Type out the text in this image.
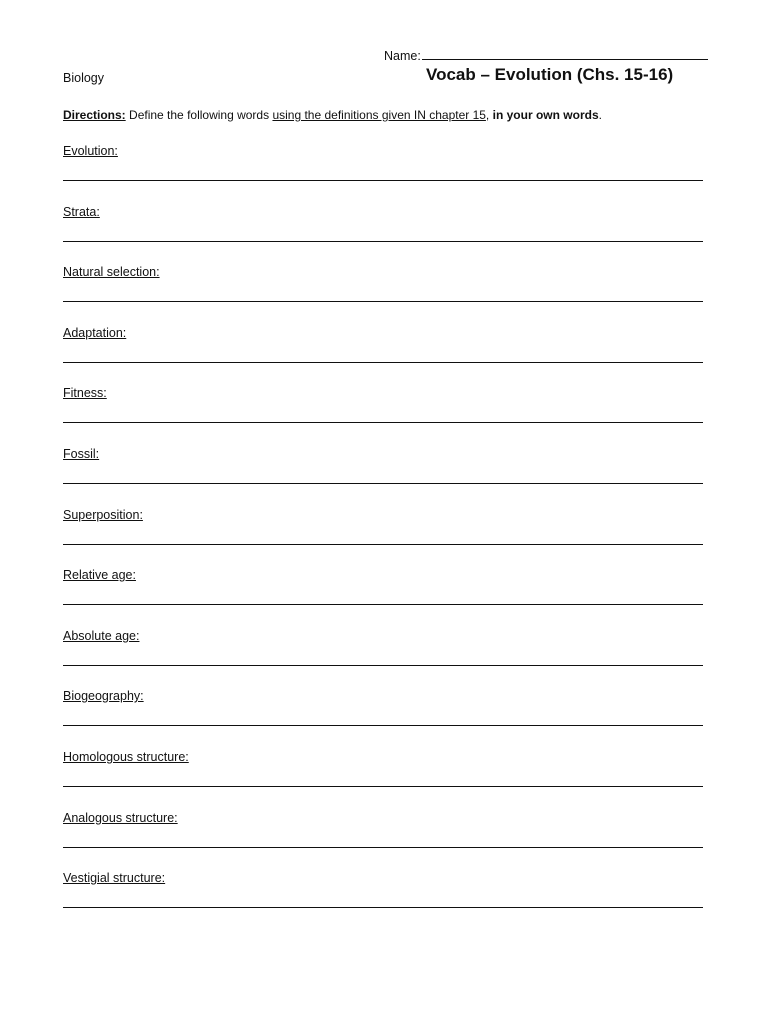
Name:
Biology	Vocab – Evolution (Chs. 15-16)
Directions: Define the following words using the definitions given IN chapter 15, in your own words.
Evolution:
Strata:
Natural selection:
Adaptation:
Fitness:
Fossil:
Superposition:
Relative age:
Absolute age:
Biogeography:
Homologous structure:
Analogous structure:
Vestigial structure:
